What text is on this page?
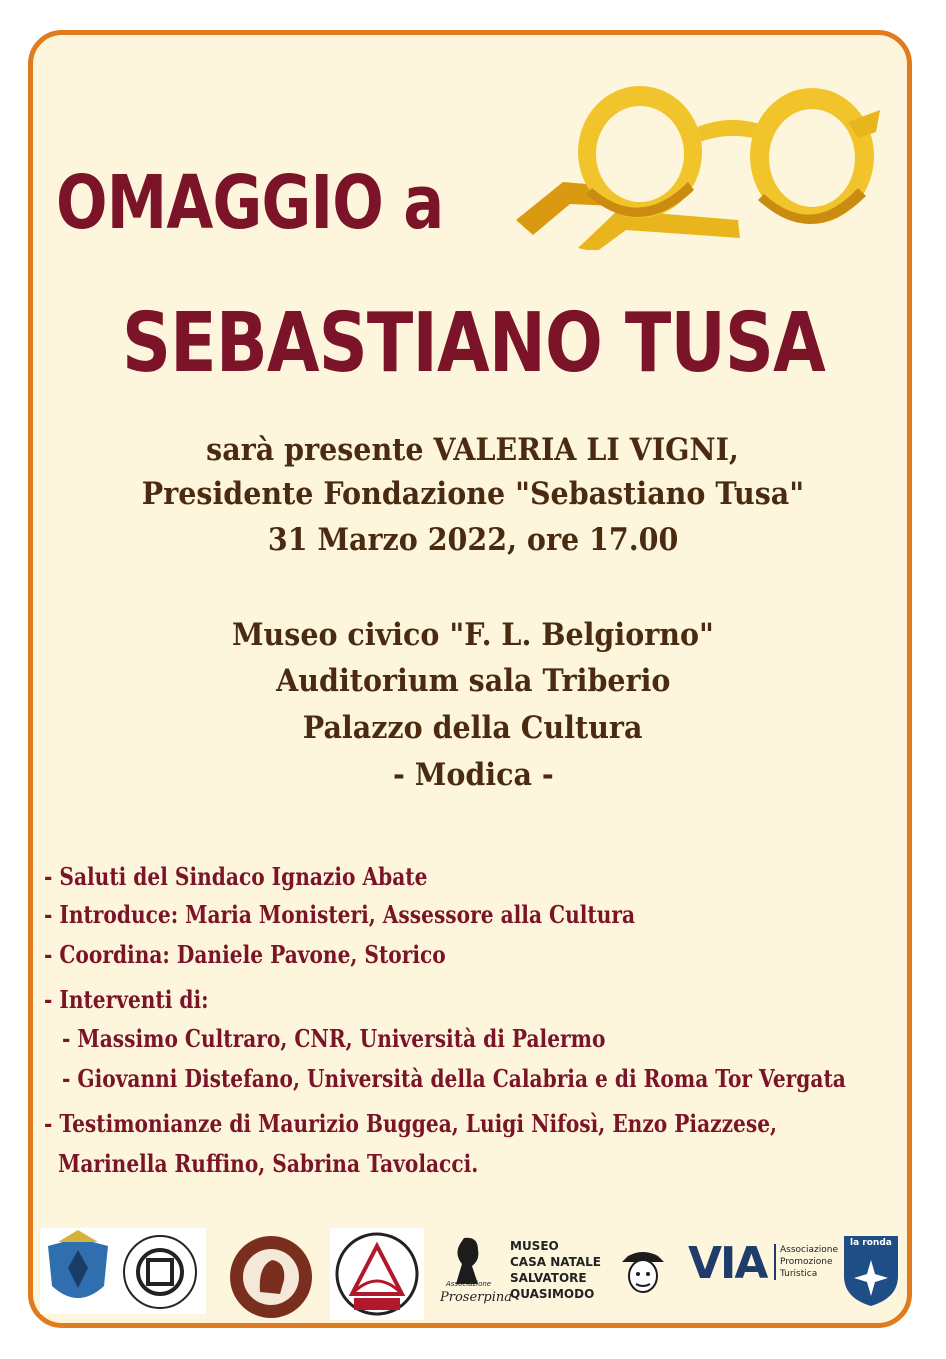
OMAGGIO a
SEBASTIANO TUSA
sarà presente VALERIA LI VIGNI,
Presidente Fondazione "Sebastiano Tusa"
31 Marzo 2022, ore 17.00
Museo civico "F. L. Belgiorno"
Auditorium sala Triberio
Palazzo della Cultura
- Modica -
- Saluti del Sindaco Ignazio Abate
- Introduce: Maria Monisteri, Assessore alla Cultura
- Coordina: Daniele Pavone, Storico
- Interventi di:
- Massimo Cultraro, CNR, Università di Palermo
- Giovanni Distefano, Università della Calabria e di Roma Tor Vergata
- Testimonianze di Maurizio Buggea, Luigi Nifosì, Enzo Piazzese,
Marinella Ruffino, Sabrina Tavolacci.
Associazione
Proserpina
MUSEO
CASA NATALE
SALVATORE
QUASIMODO
VIA Associazione
Promozione
Turistica
la ronda
